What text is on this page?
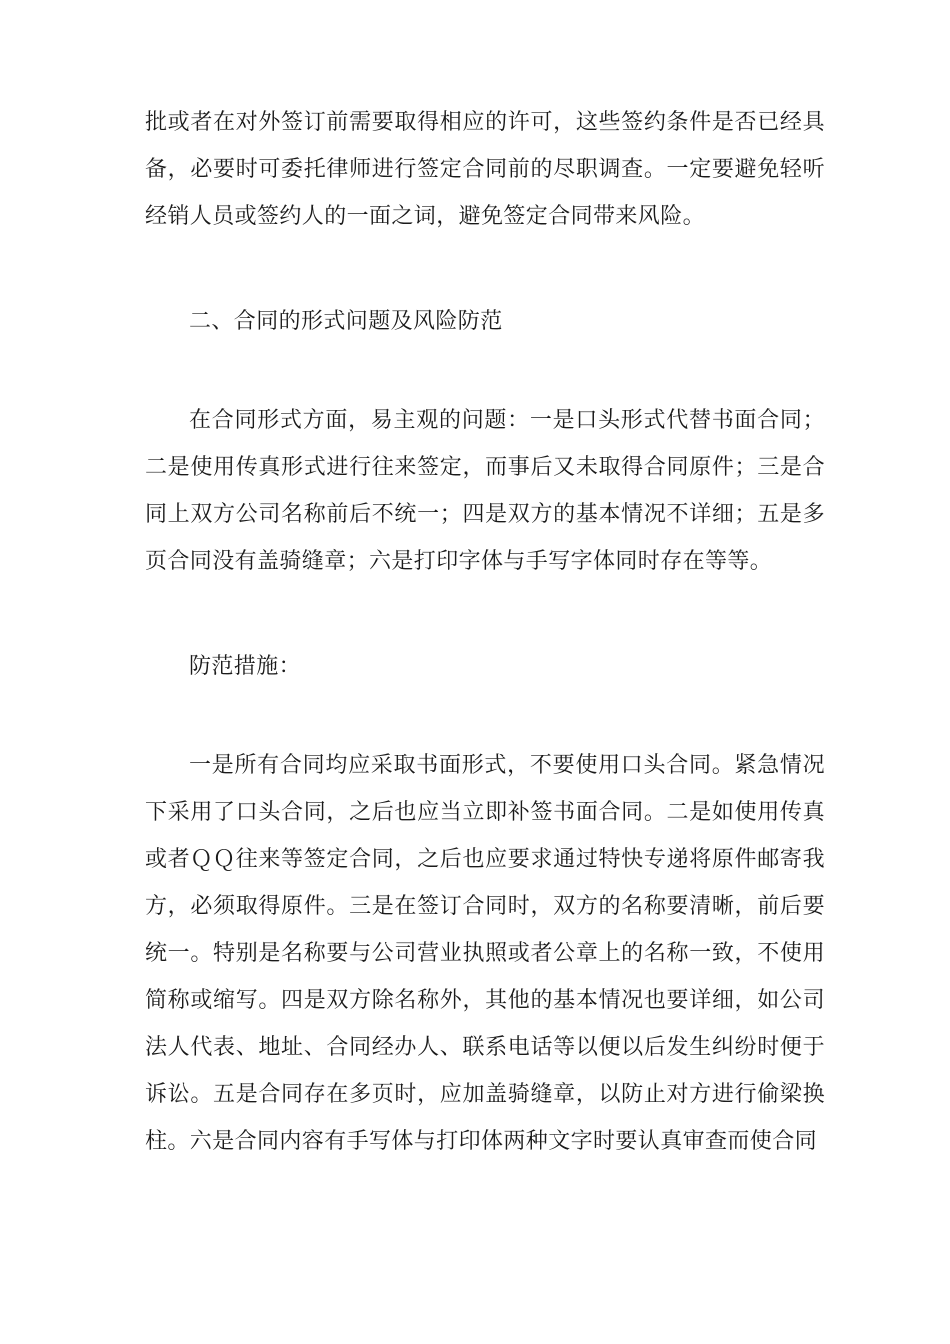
批或者在对外签订前需要取得相应的许可，这些签约条件是否已经具备，必要时可委托律师进行签定合同前的尽职调查。一定要避免轻听经销人员或签约人的一面之词，避免签定合同带来风险。

二、合同的形式问题及风险防范

在合同形式方面，易主观的问题：一是口头形式代替书面合同；二是使用传真形式进行往来签定，而事后又未取得合同原件；三是合同上双方公司名称前后不统一；四是双方的基本情况不详细；五是多页合同没有盖骑缝章；六是打印字体与手写字体同时存在等等。

防范措施：

一是所有合同均应采取书面形式，不要使用口头合同。紧急情况下采用了口头合同，之后也应当立即补签书面合同。二是如使用传真或者ＱＱ往来等签定合同，之后也应要求通过特快专递将原件邮寄我方，必须取得原件。三是在签订合同时，双方的名称要清晰，前后要统一。特别是名称要与公司营业执照或者公章上的名称一致，不使用简称或缩写。四是双方除名称外，其他的基本情况也要详细，如公司法人代表、地址、合同经办人、联系电话等以便以后发生纠纷时便于诉讼。五是合同存在多页时，应加盖骑缝章，以防止对方进行偷梁换柱。六是合同内容有手写体与打印体两种文字时要认真审查而使合同
